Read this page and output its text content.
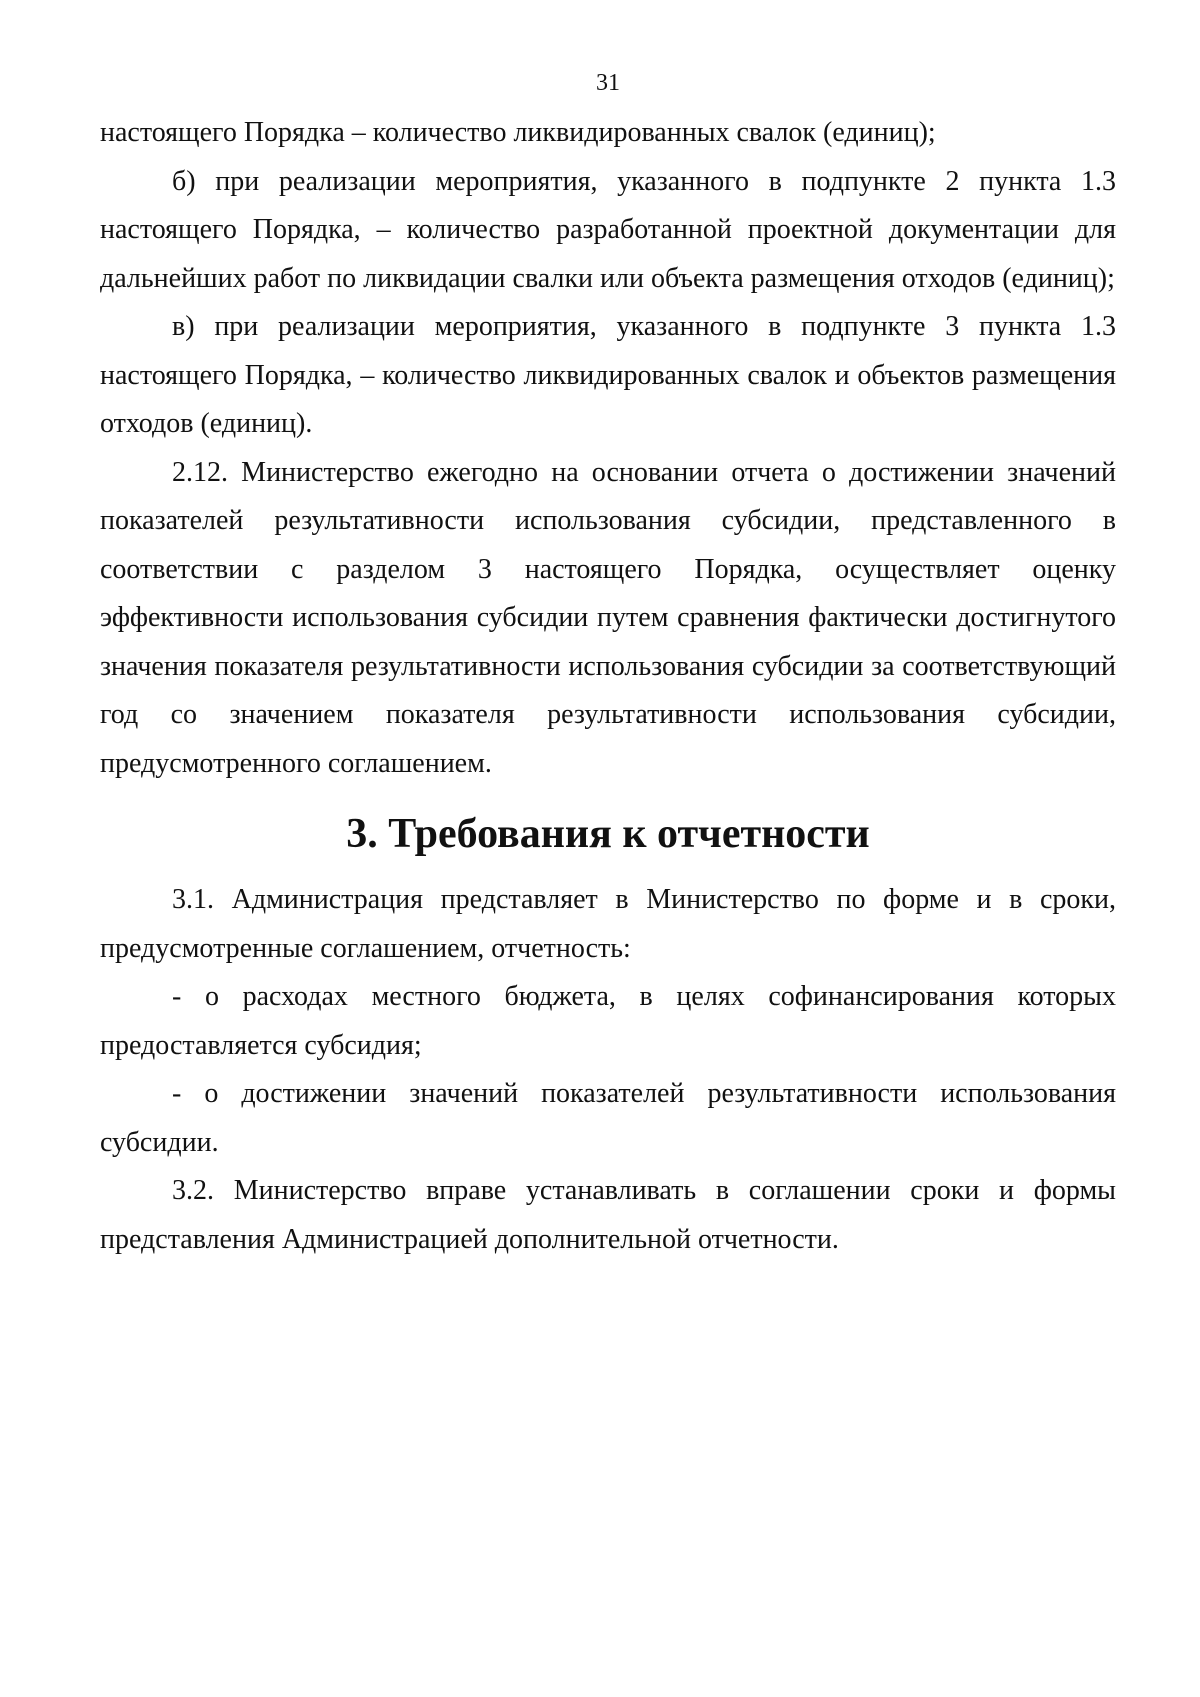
31

настоящего Порядка – количество ликвидированных свалок (единиц);

б) при реализации мероприятия, указанного в подпункте 2 пункта 1.3 настоящего Порядка, – количество разработанной проектной документации для дальнейших работ по ликвидации свалки или объекта размещения отходов (единиц);

в) при реализации мероприятия, указанного в подпункте 3 пункта 1.3 настоящего Порядка, – количество ликвидированных свалок и объектов размещения отходов (единиц).

2.12. Министерство ежегодно на основании отчета о достижении значений показателей результативности использования субсидии, представленного в соответствии с разделом 3 настоящего Порядка, осуществляет оценку эффективности использования субсидии путем сравнения фактически достигнутого значения показателя результативности использования субсидии за соответствующий год со значением показателя результативности использования субсидии, предусмотренного соглашением.

3. Требования к отчетности

3.1. Администрация представляет в Министерство по форме и в сроки, предусмотренные соглашением, отчетность:

- о расходах местного бюджета, в целях софинансирования которых предоставляется субсидия;

- о достижении значений показателей результативности использования субсидии.

3.2. Министерство вправе устанавливать в соглашении сроки и формы представления Администрацией дополнительной отчетности.
